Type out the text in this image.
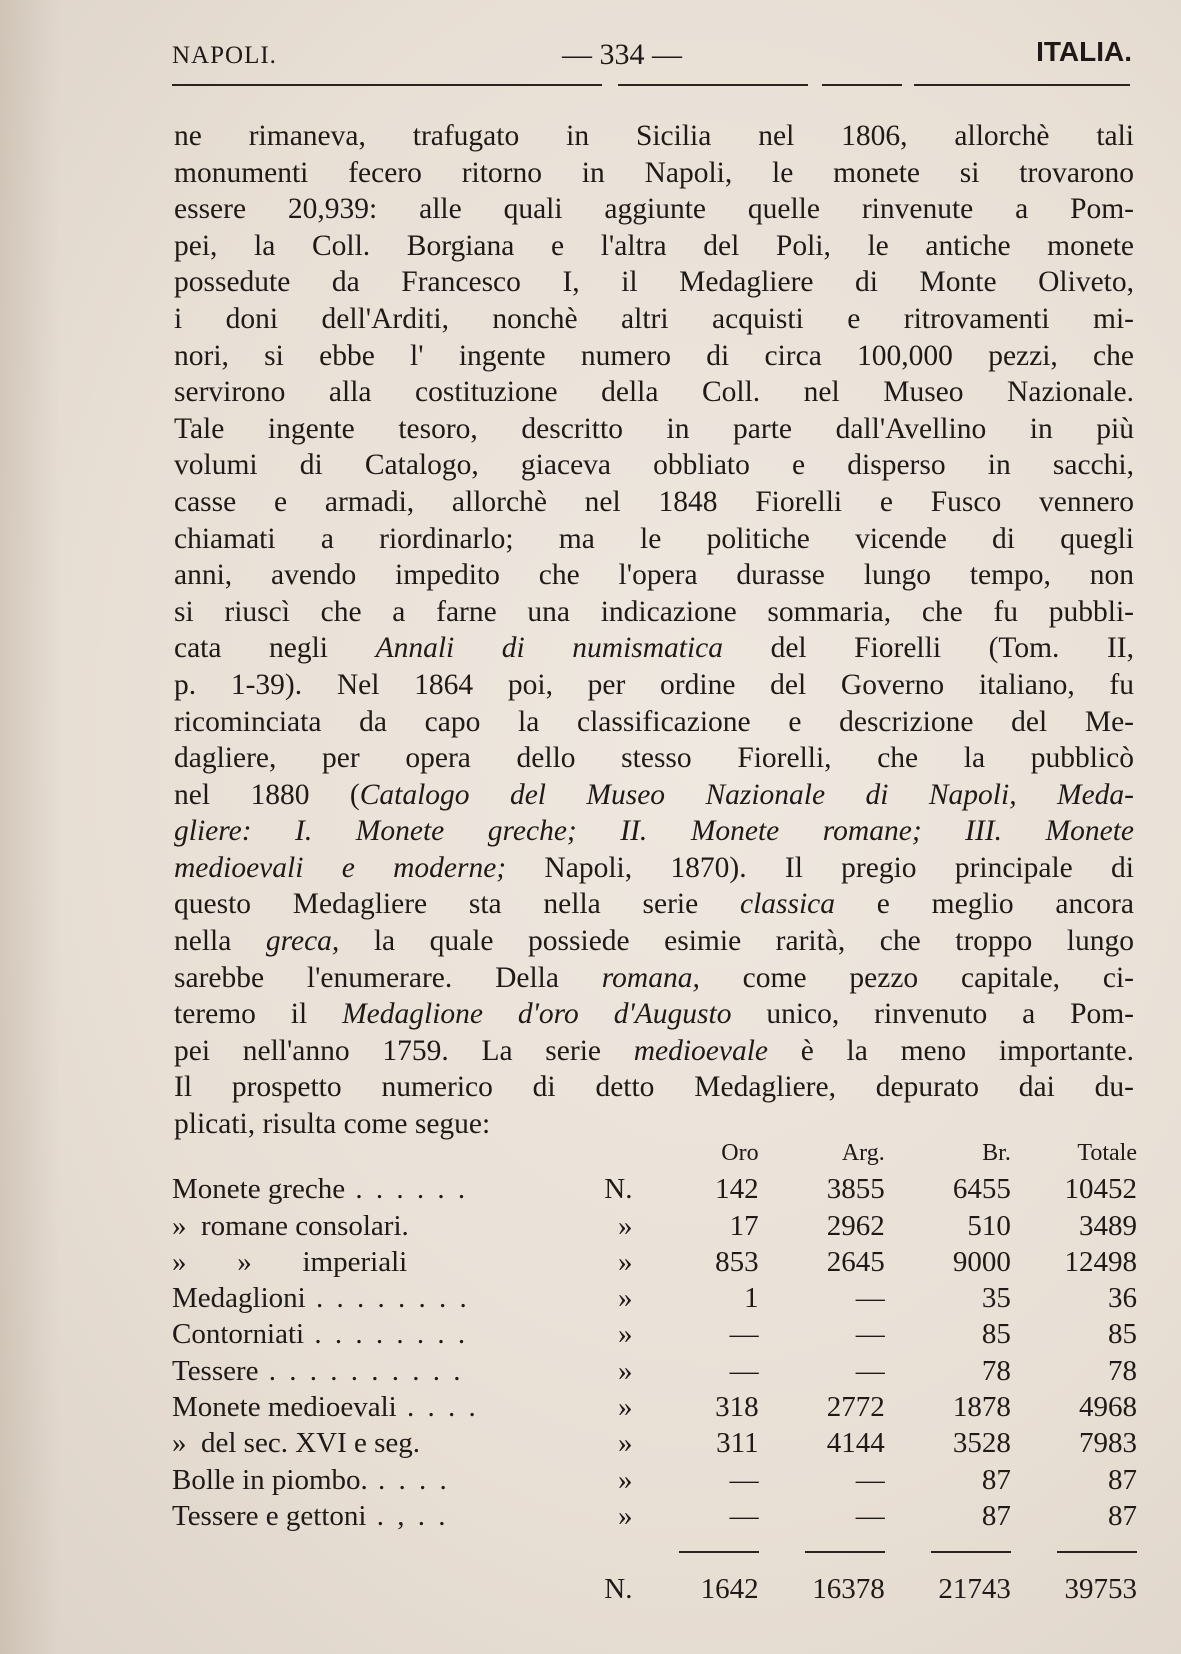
NAPOLI.	— 334 —	ITALIA.
ne rimaneva, trafugato in Sicilia nel 1806, allorchè tali
monumenti fecero ritorno in Napoli, le monete si trovarono
essere 20,939: alle quali aggiunte quelle rinvenute a Pom-
pei, la Coll. Borgiana e l'altra del Poli, le antiche monete
possedute da Francesco I, il Medagliere di Monte Oliveto,
i doni dell'Arditi, nonchè altri acquisti e ritrovamenti mi-
nori, si ebbe l' ingente numero di circa 100,000 pezzi, che
servirono alla costituzione della Coll. nel Museo Nazionale.
Tale ingente tesoro, descritto in parte dall'Avellino in più
volumi di Catalogo, giaceva obbliato e disperso in sacchi,
casse e armadi, allorchè nel 1848 Fiorelli e Fusco vennero
chiamati a riordinarlo; ma le politiche vicende di quegli
anni, avendo impedito che l'opera durasse lungo tempo, non
si riuscì che a farne una indicazione sommaria, che fu pubbli-
cata negli Annali di numismatica del Fiorelli (Tom. II,
p. 1-39). Nel 1864 poi, per ordine del Governo italiano, fu
ricominciata da capo la classificazione e descrizione del Me-
dagliere, per opera dello stesso Fiorelli, che la pubblicò
nel 1880 (Catalogo del Museo Nazionale di Napoli, Meda-
gliere: I. Monete greche; II. Monete romane; III. Monete
medioevali e moderne; Napoli, 1870). Il pregio principale di
questo Medagliere sta nella serie classica e meglio ancora
nella greca, la quale possiede esimie rarità, che troppo lungo
sarebbe l'enumerare. Della romana, come pezzo capitale, ci-
teremo il Medaglione d'oro d'Augusto unico, rinvenuto a Pom-
pei nell'anno 1759. La serie medioevale è la meno importante.
Il prospetto numerico di detto Medagliere, depurato dai du-
plicati, risulta come segue:
		Oro	Arg.	Br.	Totale
Monete greche . . . . . .	N.	142	3855	6455	10452
»  romane consolari.	»	17	2962	510	3489
»       »       imperiali	»	853	2645	9000	12498
Medaglioni . . . . . . . .	»	1	—	35	36
Contorniati . . . . . . . .	»	—	—	85	85
Tessere . . . . . . . . . .	»	—	—	78	78
Monete medioevali . . . .	»	318	2772	1878	4968
»  del sec. XVI e seg.	»	311	4144	3528	7983
Bolle in piombo. . . . .	»	—	—	87	87
Tessere e gettoni . , . .	»	—	—	87	87

	N.	1642	16378	21743	39753
